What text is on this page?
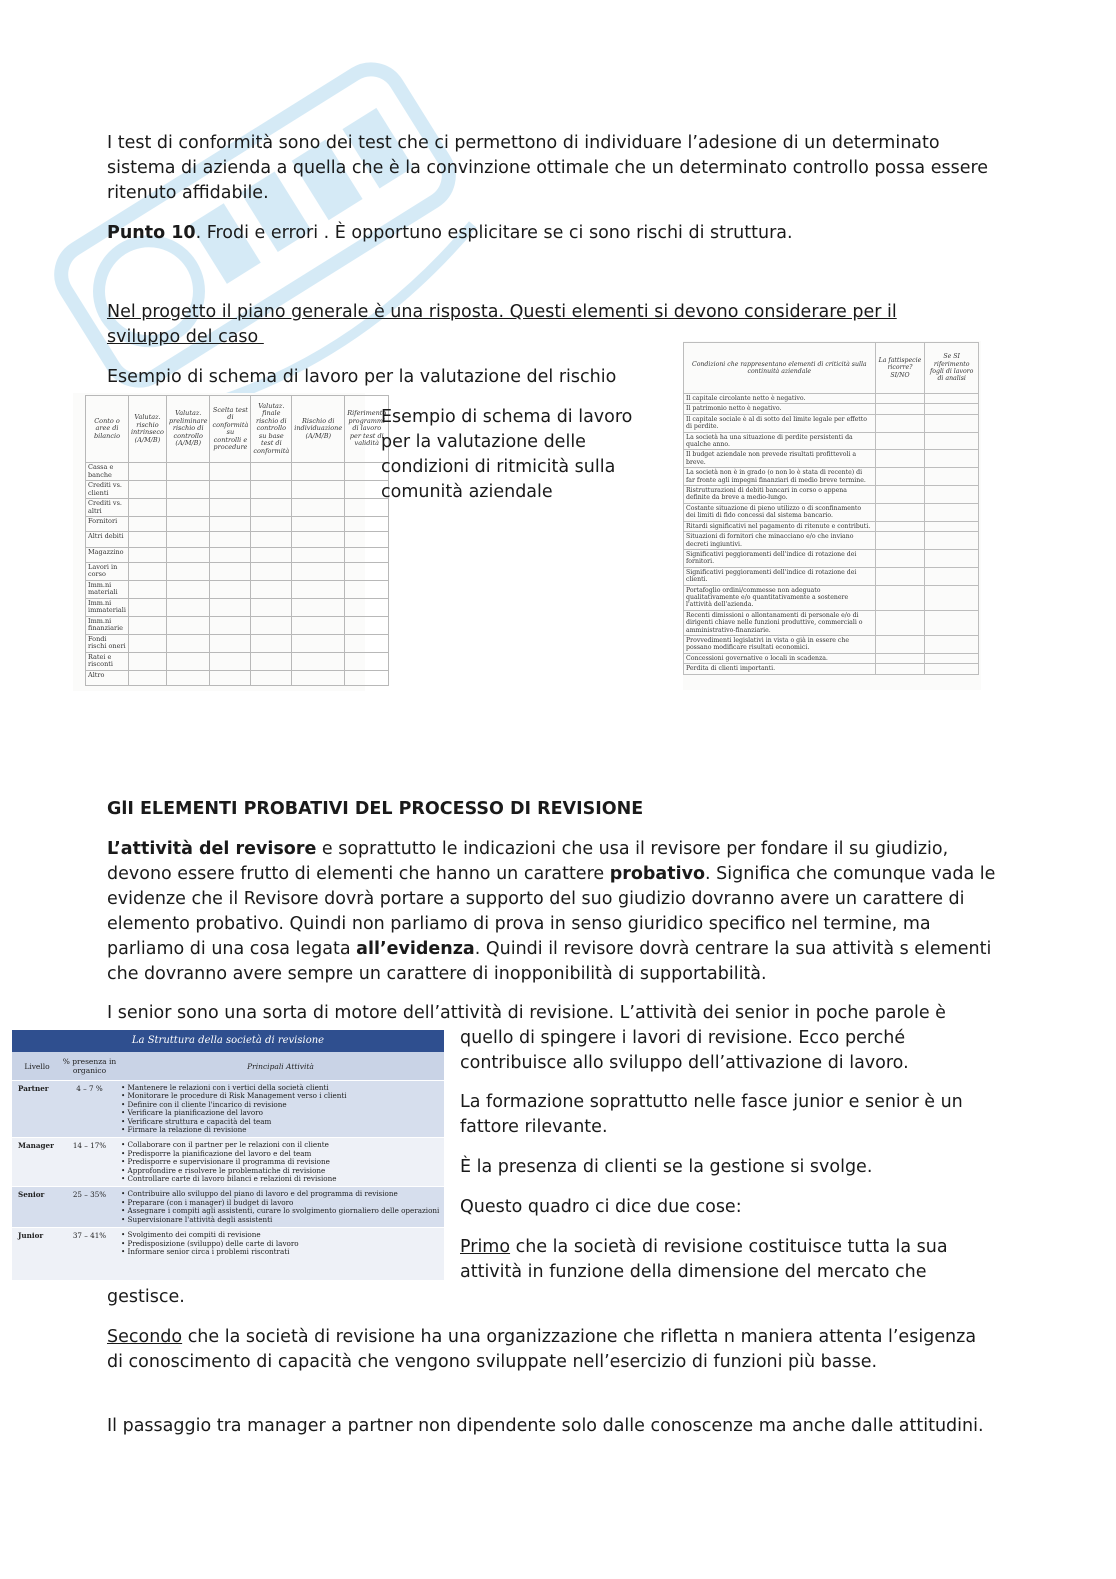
I test di conformità sono dei test che ci permettono di individuare l’adesione di un determinato sistema di azienda a quella che è la convinzione ottimale che un determinato controllo possa essere ritenuto affidabile.

Punto 10. Frodi e errori . È opportuno esplicitare se ci sono rischi di struttura.

Nel progetto il piano generale è una risposta. Questi elementi si devono considerare per il

sviluppo del caso

Esempio di schema di lavoro per la valutazione del rischio

Conto o aree di bilancio	Valutaz. rischio intrinseco (A/M/B)	Valutaz. preliminare rischio di controllo (A/M/B)	Scelta test di conformità su controlli e procedure	Valutaz. finale rischio di controllo su base test di conformità	Rischio di individuazione (A/M/B)	Riferimento programmi di lavoro per test di validità
Cassa e banche						
Crediti vs. clienti						
Crediti vs. altri						
Fornitori						
Altri debiti						
Magazzino						
Lavori in corso						
Imm.ni materiali						
Imm.ni immateriali						
Imm.ni finanziarie						
Fondi rischi oneri						
Ratei e risconti						
Altro						

Esempio di schema di lavoro per la valutazione delle condizioni di ritmicità sulla comunità aziendale

Condizioni che rappresentano elementi di criticità sulla continuità aziendale	La fattispecie ricorre? SI/NO	Se SI riferimento fogli di lavoro di analisi
Il capitale circolante netto è negativo.		
Il patrimonio netto è negativo.		
Il capitale sociale è al di sotto del limite legale per effetto di perdite.		
La società ha una situazione di perdite persistenti da qualche anno.		
Il budget aziendale non prevede risultati profittevoli a breve.		
La società non è in grado (o non lo è stata di recente) di far fronte agli impegni finanziari di medio breve termine.		
Ristrutturazioni di debiti bancari in corso o appena definite da breve a medio-lungo.		
Costante situazione di pieno utilizzo o di sconfinamento dei limiti di fido concessi dal sistema bancario.		
Ritardi significativi nel pagamento di ritenute e contributi.		
Situazioni di fornitori che minacciano e/o che inviano decreti ingiuntivi.		
Significativi peggioramenti dell'indice di rotazione dei fornitori.		
Significativi peggioramenti dell'indice di rotazione dei clienti.		
Portafoglio ordini/commesse non adeguato qualitativamente e/o quantitativamente a sostenere l'attività dell'azienda.		
Recenti dimissioni o allontanamenti di personale e/o di dirigenti chiave nelle funzioni produttive, commerciali o amministrativo-finanziarie.		
Provvedimenti legislativi in vista o già in essere che possano modificare risultati economici.		
Concessioni governative o locali in scadenza.		
Perdita di clienti importanti.		

GlI ELEMENTI PROBATIVI DEL PROCESSO DI REVISIONE

L’attività del revisore e soprattutto le indicazioni che usa il revisore per fondare il su giudizio, devono essere frutto di elementi che hanno un carattere probativo. Significa che comunque vada le evidenze che il Revisore dovrà portare a supporto del suo giudizio dovranno avere un carattere di elemento probativo. Quindi non parliamo di prova in senso giuridico specifico nel termine, ma parliamo di una cosa legata all’evidenza. Quindi il revisore dovrà centrare la sua attività s elementi che dovranno avere sempre un carattere di inopponibilità di supportabilità.

I senior sono una sorta di motore dell’attività di revisione. L’attività dei senior in poche parole è

La Struttura della società di revisione
Livello	% presenza in organico	Principali Attività
Partner	4 – 7 %	• Mantenere le relazioni con i vertici della società clienti
• Monitorare le procedure di Risk Management verso i clienti
• Definire con il cliente l'incarico di revisione
• Verificare la pianificazione del lavoro
• Verificare struttura e capacità del team
• Firmare la relazione di revisione
Manager	14 – 17%	• Collaborare con il partner per le relazioni con il cliente
• Predisporre la pianificazione del lavoro e del team
• Predisporre e supervisionare il programma di revisione
• Approfondire e risolvere le problematiche di revisione
• Controllare carte di lavoro bilanci e relazioni di revisione
Senior	25 – 35%	• Contribuire allo sviluppo del piano di lavoro e del programma di revisione
• Preparare (con i manager) il budget di lavoro
• Assegnare i compiti agli assistenti, curare lo svolgimento giornaliero delle operazioni
• Supervisionare l'attività degli assistenti
Junior	37 – 41%	• Svolgimento dei compiti di revisione
• Predisposizione (sviluppo) delle carte di lavoro
• Informare senior circa i problemi riscontrati

quello di spingere i lavori di revisione. Ecco perché contribuisce allo sviluppo dell’attivazione di lavoro.

La formazione soprattutto nelle fasce junior e senior è un fattore rilevante.

È la presenza di clienti se la gestione si svolge.

Questo quadro ci dice due cose:

Primo che la società di revisione costituisce tutta la sua attività in funzione della dimensione del mercato che

gestisce.

Secondo che la società di revisione ha una organizzazione che rifletta n maniera attenta l’esigenza di conoscimento di capacità che vengono sviluppate nell’esercizio di funzioni più basse.

Il passaggio tra manager a partner non dipendente solo dalle conoscenze ma anche dalle attitudini.
